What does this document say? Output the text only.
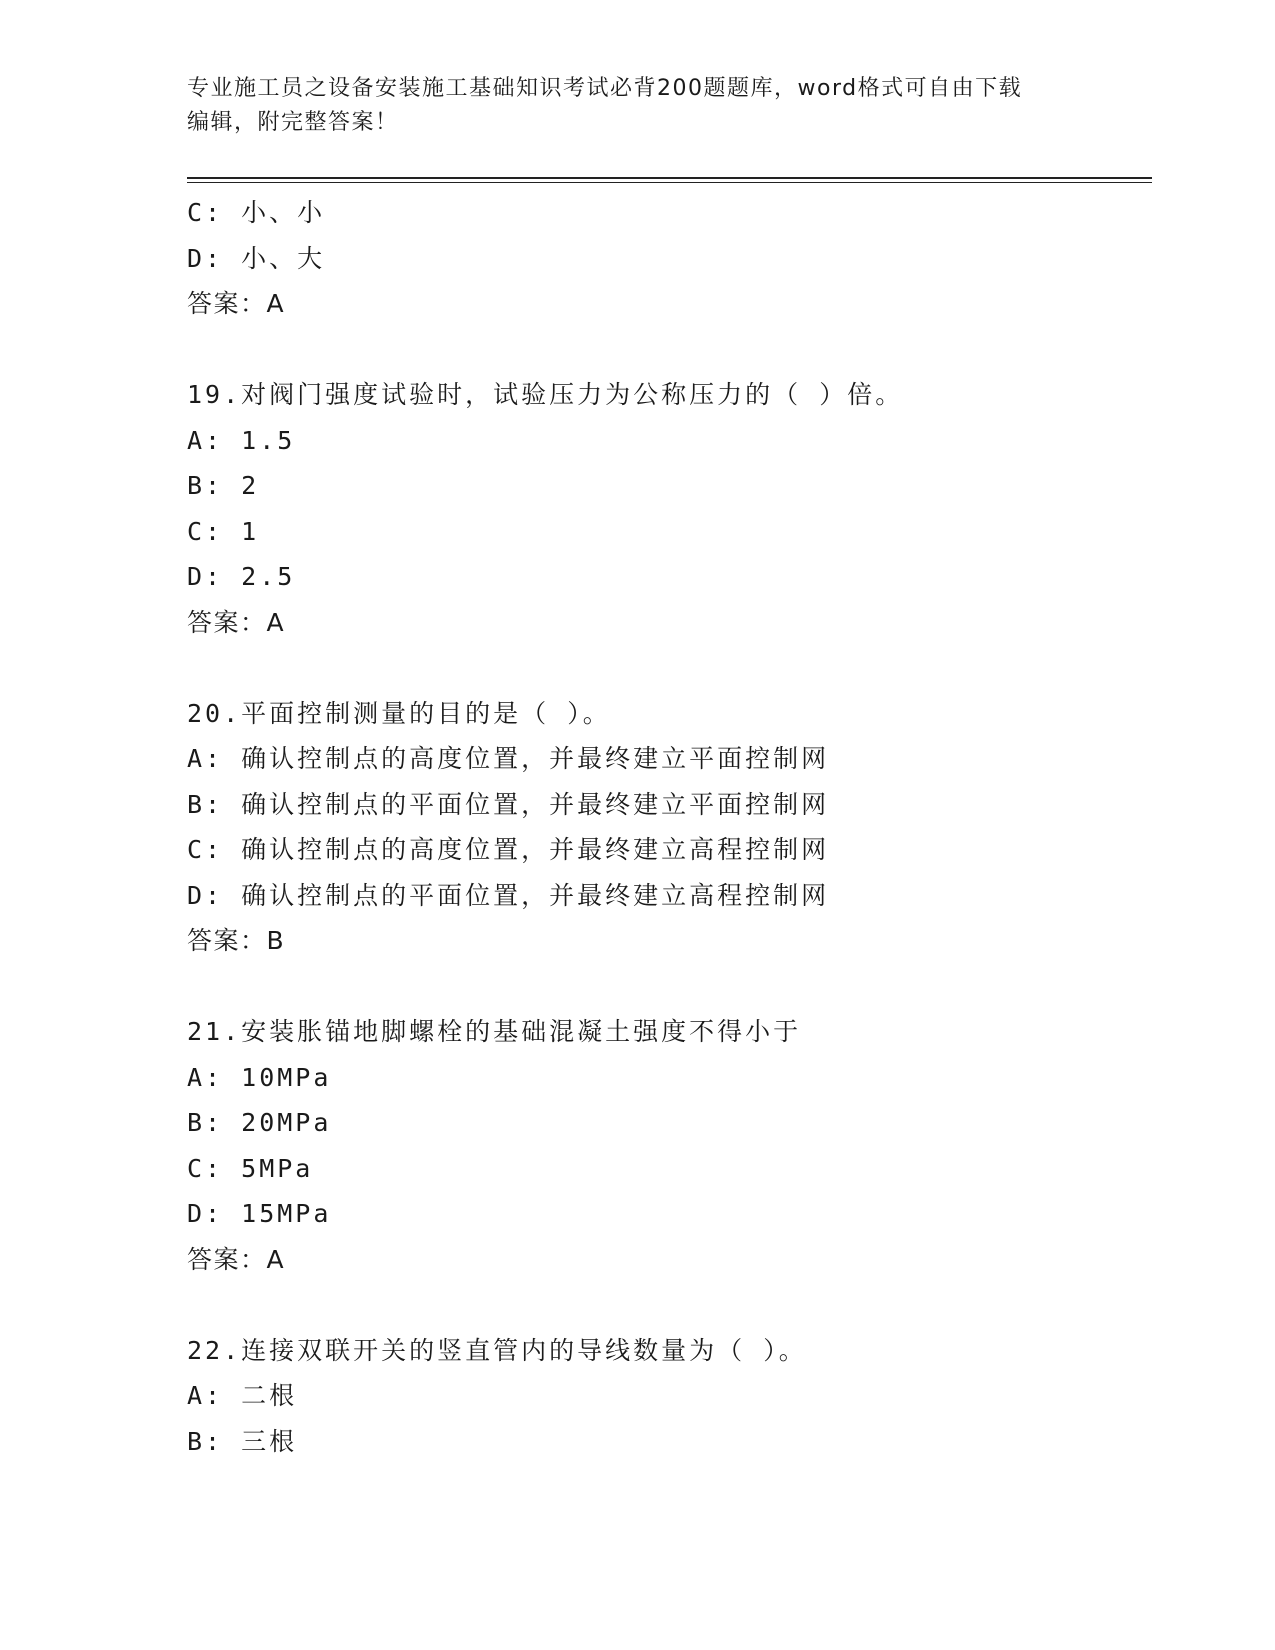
专业施工员之设备安装施工基础知识考试必背200题题库，word格式可自由下载
编辑，附完整答案！
C: 小、小
D: 小、大
答案：A
19.对阀门强度试验时，试验压力为公称压力的（ ）倍。
A: 1.5
B: 2
C: 1
D: 2.5
答案：A
20.平面控制测量的目的是（ ）。
A: 确认控制点的高度位置，并最终建立平面控制网
B: 确认控制点的平面位置，并最终建立平面控制网
C: 确认控制点的高度位置，并最终建立高程控制网
D: 确认控制点的平面位置，并最终建立高程控制网
答案：B
21.安装胀锚地脚螺栓的基础混凝土强度不得小于
A: 10MPa
B: 20MPa
C: 5MPa
D: 15MPa
答案：A
22.连接双联开关的竖直管内的导线数量为（ ）。
A: 二根
B: 三根
